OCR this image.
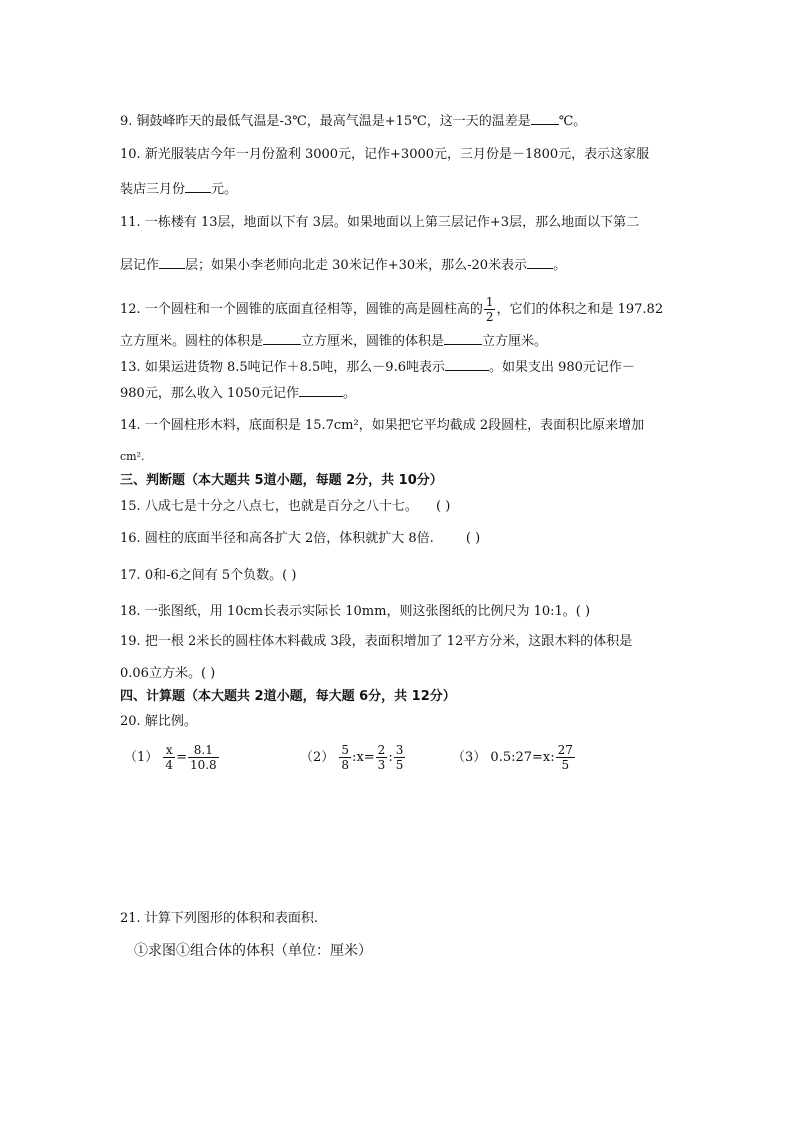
9. 铜鼓峰昨天的最低气温是-3℃，最高气温是+15℃，这一天的温差是 ℃。
10. 新光服装店今年一月份盈利 3000元，记作+3000元，三月份是－1800元，表示这家服
装店三月份 元。
11. 一栋楼有 13层，地面以下有 3层。如果地面以上第三层记作+3层，那么地面以下第二
层记作 层；如果小李老师向北走 30米记作+30米，那么-20米表示 。
12. 一个圆柱和一个圆锥的底面直径相等，圆锥的高是圆柱高的 $\frac{1}{2}$ ，它们的体积之和是 197.82
立方厘米。圆柱的体积是	立方厘米，圆锥的体积是	立方厘米。
13. 如果运进货物 8.5吨记作＋8.5吨，那么－9.6吨表示	。如果支出 980元记作－
980元，那么收入 1050元记作	。
14. 一个圆柱形木料，底面积是 15.7cm²，如果把它平均截成 2段圆柱，表面积比原来增加
cm².
三、判断题（本大题共 5道小题，每题 2分，共 10分）
15. 八成七是十分之八点七，也就是百分之八十七。 ( )
16. 圆柱的底面半径和高各扩大 2倍，体积就扩大 8倍. ( )
17. 0和-6之间有 5个负数。( )
18. 一张图纸，用 10cm长表示实际长 10mm，则这张图纸的比例尺为 10:1。( )
19. 把一根 2米长的圆柱体木料截成 3段，表面积增加了 12平方分米，这跟木料的体积是
0.06立方米。( )
四、计算题（本大题共 2道小题，每大题 6分，共 12分）
20. 解比例。
$(1) \frac{x}{4} = \frac{8.1}{10.8}$	$(2) \frac{5}{8}$ :x= $\frac{2}{3}$ : $\frac{3}{5}$	（3） 0.5:27=x: $\frac{27}{5}$
21. 计算下列图形的体积和表面积.
①求图①组合体的体积（单位：厘米）
